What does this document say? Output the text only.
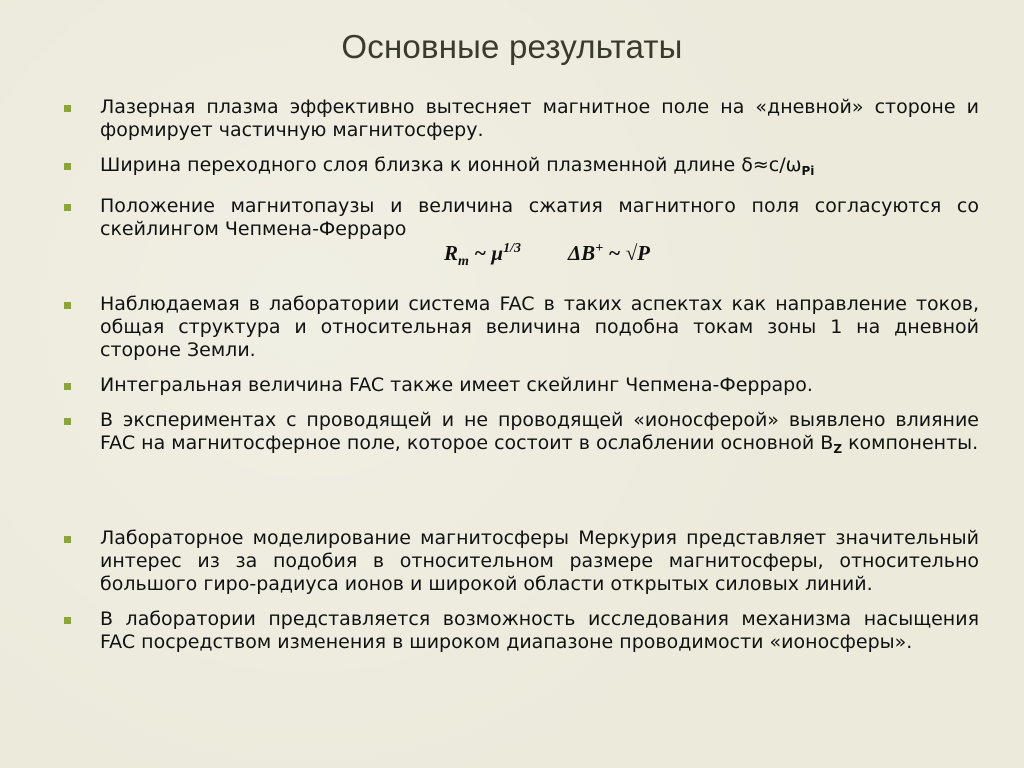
Основные результаты
Лазерная плазма эффективно вытесняет магнитное поле на «дневной» стороне и формирует частичную магнитосферу.
Ширина переходного слоя близка к ионной плазменной длине $\delta\approx c/\omega_{Pi}$
Положение магнитопаузы и величина сжатия магнитного поля согласуются со скейлингом Чепмена-Ферраро
$R_m$ ~ $\mu^{1/3}$ ΔB+ ~ √P
Наблюдаемая в лаборатории система FAC в таких аспектах как направление токов, общая структура и относительная величина подобна токам зоны 1 на дневной стороне Земли.
Интегральная величина FAC также имеет скейлинг Чепмена-Ферраро.
В экспериментах с проводящей и не проводящей «ионосферой» выявлено влияние FAC на магнитосферное поле, которое состоит в ослаблении основной $B_Z$ компоненты.
Лабораторное моделирование магнитосферы Меркурия представляет значительный интерес из за подобия в относительном размере магнитосферы, относительно большого гиро-радиуса ионов и широкой области открытых силовых линий.
В лаборатории представляется возможность исследования механизма насыщения FAC посредством изменения в широком диапазоне проводимости «ионосферы».
